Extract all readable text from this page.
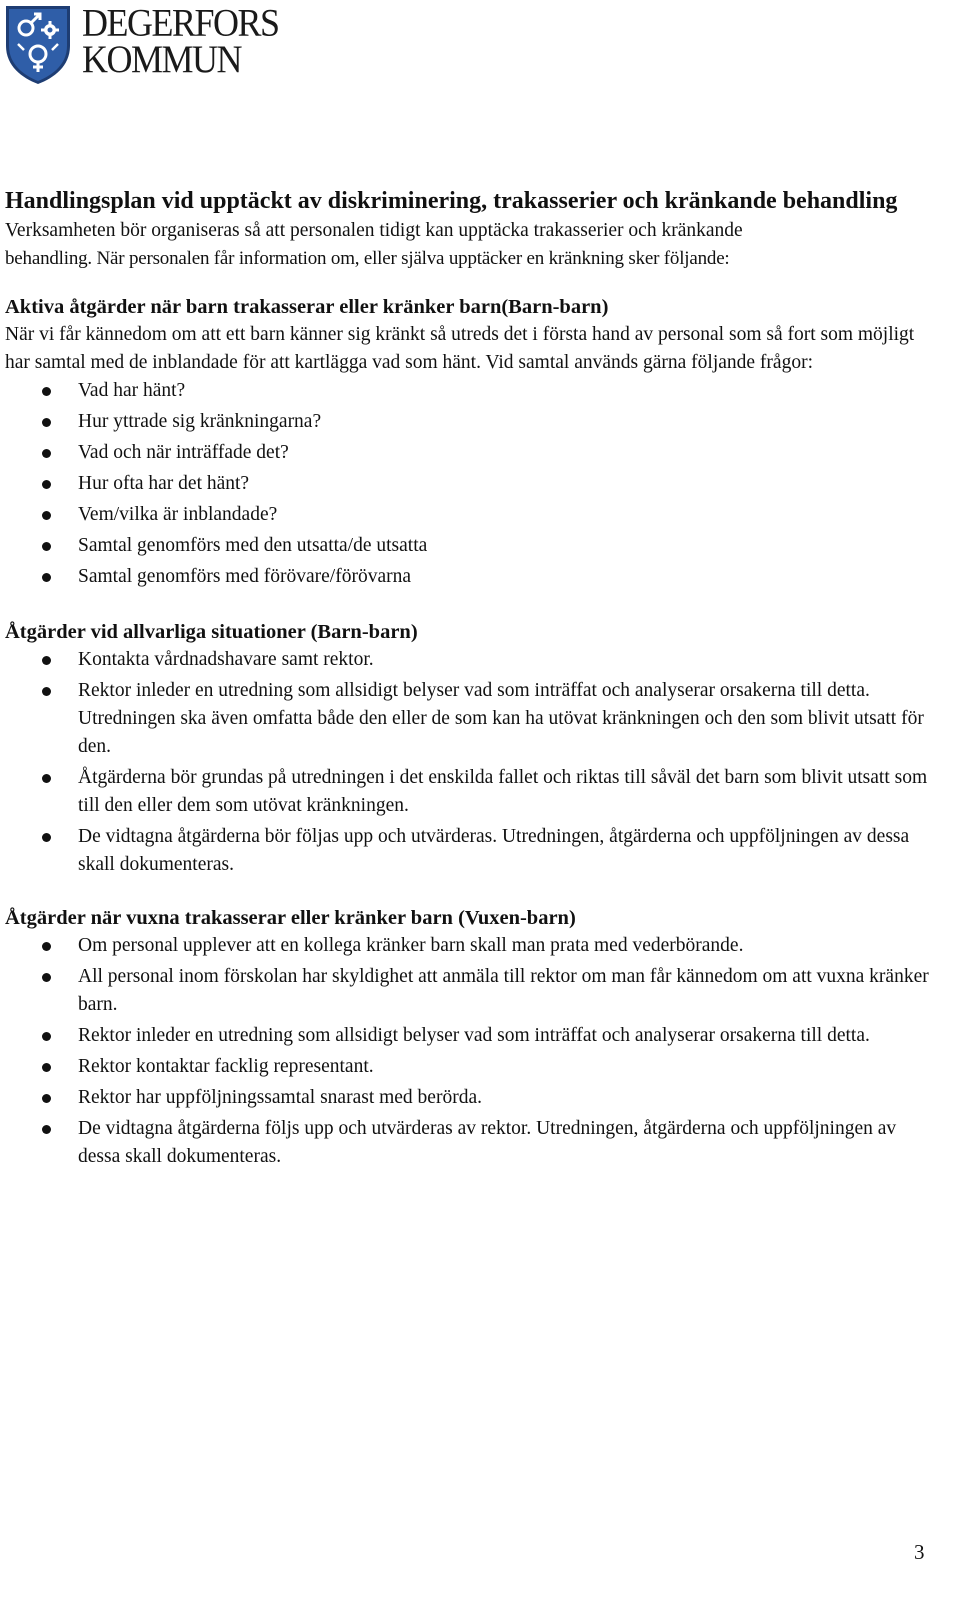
DEGERFORS
KOMMUN
Handlingsplan vid upptäckt av diskriminering, trakasserier och kränkande behandling

Verksamheten bör organiseras så att personalen tidigt kan upptäcka trakasserier och kränkande

behandling. När personalen får information om, eller själva upptäcker en kränkning sker följande:

Aktiva åtgärder när barn trakasserar eller kränker barn(Barn-barn)

När vi får kännedom om att ett barn känner sig kränkt så utreds det i första hand av personal som så fort som möjligt har samtal med de inblandade för att kartlägga vad som hänt. Vid samtal används gärna följande frågor:

Vad har hänt?
Hur yttrade sig kränkningarna?
Vad och när inträffade det?
Hur ofta har det hänt?
Vem/vilka är inblandade?
Samtal genomförs med den utsatta/de utsatta
Samtal genomförs med förövare/förövarna
Åtgärder vid allvarliga situationer (Barn-barn)
Kontakta vårdnadshavare samt rektor.
Rektor inleder en utredning som allsidigt belyser vad som inträffat och analyserar orsakerna till detta. Utredningen ska även omfatta både den eller de som kan ha utövat kränkningen och den som blivit utsatt för den.
Åtgärderna bör grundas på utredningen i det enskilda fallet och riktas till såväl det barn som blivit utsatt som till den eller dem som utövat kränkningen.
De vidtagna åtgärderna bör följas upp och utvärderas. Utredningen, åtgärderna och uppföljningen av dessa skall dokumenteras.
Åtgärder när vuxna trakasserar eller kränker barn (Vuxen-barn)
Om personal upplever att en kollega kränker barn skall man prata med vederbörande.
All personal inom förskolan har skyldighet att anmäla till rektor om man får kännedom om att vuxna kränker barn.
Rektor inleder en utredning som allsidigt belyser vad som inträffat och analyserar orsakerna till detta.
Rektor kontaktar facklig representant.
Rektor har uppföljningssamtal snarast med berörda.
De vidtagna åtgärderna följs upp och utvärderas av rektor. Utredningen, åtgärderna och uppföljningen av dessa skall dokumenteras.
3
